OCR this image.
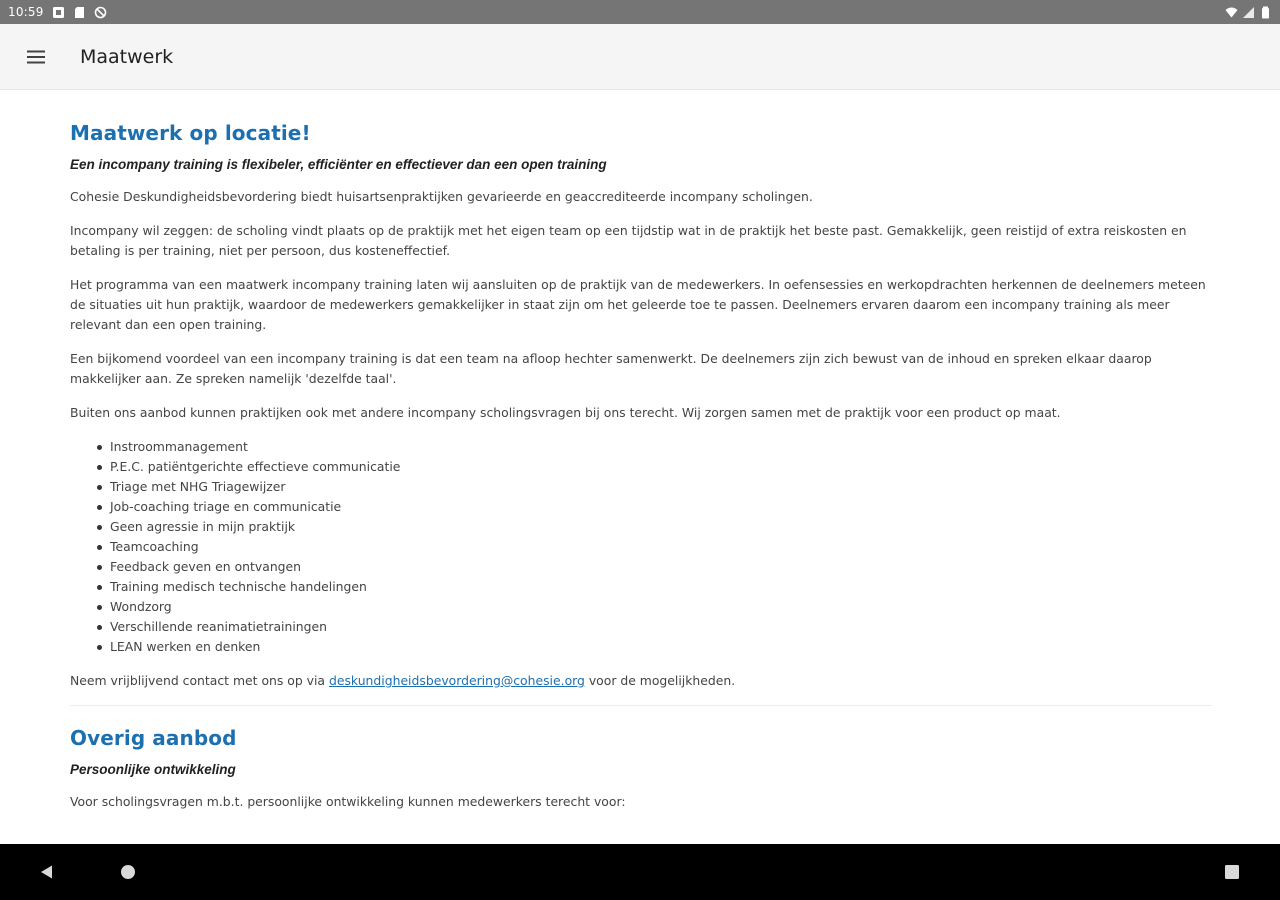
10:59
Maatwerk
Maatwerk op locatie!
Een incompany training is flexibeler, efficiënter en effectiever dan een open training

Cohesie Deskundigheidsbevordering biedt huisartsenpraktijken gevarieerde en geaccrediteerde incompany scholingen.

Incompany wil zeggen: de scholing vindt plaats op de praktijk met het eigen team op een tijdstip wat in de praktijk het beste past. Gemakkelijk, geen reistijd of extra reiskosten en betaling is per training, niet per persoon, dus kosteneffectief.

Het programma van een maatwerk incompany training laten wij aansluiten op de praktijk van de medewerkers. In oefensessies en werkopdrachten herkennen de deelnemers meteen de situaties uit hun praktijk, waardoor de medewerkers gemakkelijker in staat zijn om het geleerde toe te passen. Deelnemers ervaren daarom een incompany training als meer relevant dan een open training.

Een bijkomend voordeel van een incompany training is dat een team na afloop hechter samenwerkt. De deelnemers zijn zich bewust van de inhoud en spreken elkaar daarop makkelijker aan. Ze spreken namelijk 'dezelfde taal'.

Buiten ons aanbod kunnen praktijken ook met andere incompany scholingsvragen bij ons terecht. Wij zorgen samen met de praktijk voor een product op maat.

Instroommanagement
P.E.C. patiëntgerichte effectieve communicatie
Triage met NHG Triagewijzer
Job-coaching triage en communicatie
Geen agressie in mijn praktijk
Teamcoaching
Feedback geven en ontvangen
Training medisch technische handelingen
Wondzorg
Verschillende reanimatietrainingen
LEAN werken en denken

Neem vrijblijvend contact met ons op via deskundigheidsbevordering@cohesie.org voor de mogelijkheden.

Overig aanbod
Persoonlijke ontwikkeling

Voor scholingsvragen m.b.t. persoonlijke ontwikkeling kunnen medewerkers terecht voor:
